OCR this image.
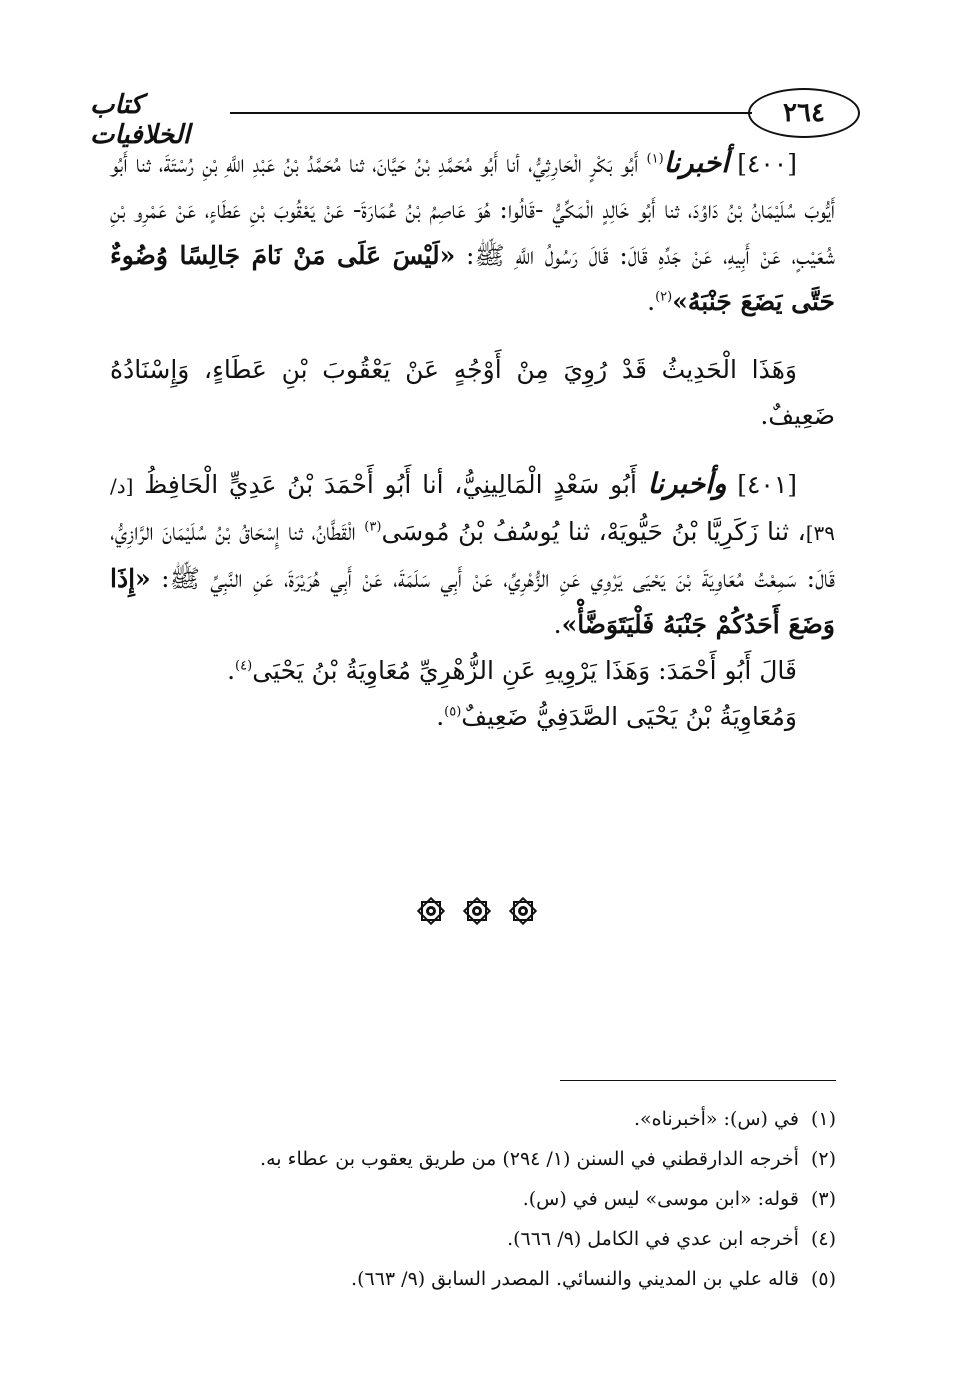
٢٦٤
كتاب الخلافيات

[٤٠٠] أخبرنا$^{(١)}$ أَبُو بَكْرٍ الْحَارِثِيُّ، أنا أَبُو مُحَمَّدِ بْنُ حَيَّانَ، ثنا مُحَمَّدُ بْنُ عَبْدِ اللَّهِ بْنِ رُسْتَةَ، ثنا أَبُو أَيُّوبَ سُلَيْمَانُ بْنُ دَاوُدَ، ثنا أَبُو خَالِدٍ الْمَكِّيُّ -قَالُوا: هُوَ عَاصِمُ بْنُ عُمَارَةَ- عَنْ يَعْقُوبَ بْنِ عَطَاءٍ، عَنْ عَمْرِو بْنِ شُعَيْبٍ، عَنْ أَبِيهِ، عَنْ جَدِّهِ قَالَ: قَالَ رَسُولُ اللَّهِ ﷺ: «لَيْسَ عَلَى مَنْ نَامَ جَالِسًا وُضُوءٌ حَتَّى يَضَعَ جَنْبَهُ»$^{(٢)}$.

وَهَذَا الْحَدِيثُ قَدْ رُوِيَ مِنْ أَوْجُهٍ عَنْ يَعْقُوبَ بْنِ عَطَاءٍ، وَإِسْنَادُهُ ضَعِيفٌ.

[٤٠١] وأخبرنا أَبُو سَعْدٍ الْمَالِينِيُّ، أنا أَبُو أَحْمَدَ بْنُ عَدِيٍّ الْحَافِظُ [د/ ٣٩]، ثنا زَكَرِيَّا بْنُ حَيُّويَهْ، ثنا يُوسُفُ بْنُ مُوسَى$^{(٣)}$ الْقَطَّانُ، ثنا إِسْحَاقُ بْنُ سُلَيْمَانَ الرَّازِيُّ، قَالَ: سَمِعْتُ مُعَاوِيَةَ بْنَ يَحْيَى يَرْوِي عَنِ الزُّهْرِيِّ، عَنْ أَبِي سَلَمَةَ، عَنْ أَبِي هُرَيْرَةَ، عَنِ النَّبِيِّ ﷺ: «إِذَا وَضَعَ أَحَدُكُمْ جَنْبَهُ فَلْيَتَوَضَّأْ».
قَالَ أَبُو أَحْمَدَ: وَهَذَا يَرْوِيهِ عَنِ الزُّهْرِيِّ مُعَاوِيَةُ بْنُ يَحْيَى$^{(٤)}$.
وَمُعَاوِيَةُ بْنُ يَحْيَى الصَّدَفِيُّ ضَعِيفٌ$^{(٥)}$.

(١)في (س): «أخبرناه».
(٢)أخرجه الدارقطني في السنن (١/ ٢٩٤) من طريق يعقوب بن عطاء به.
(٣)قوله: «ابن موسى» ليس في (س).
(٤)أخرجه ابن عدي في الكامل (٩/ ٦٦٦).
(٥)قاله علي بن المديني والنسائي. المصدر السابق (٩/ ٦٦٣).
